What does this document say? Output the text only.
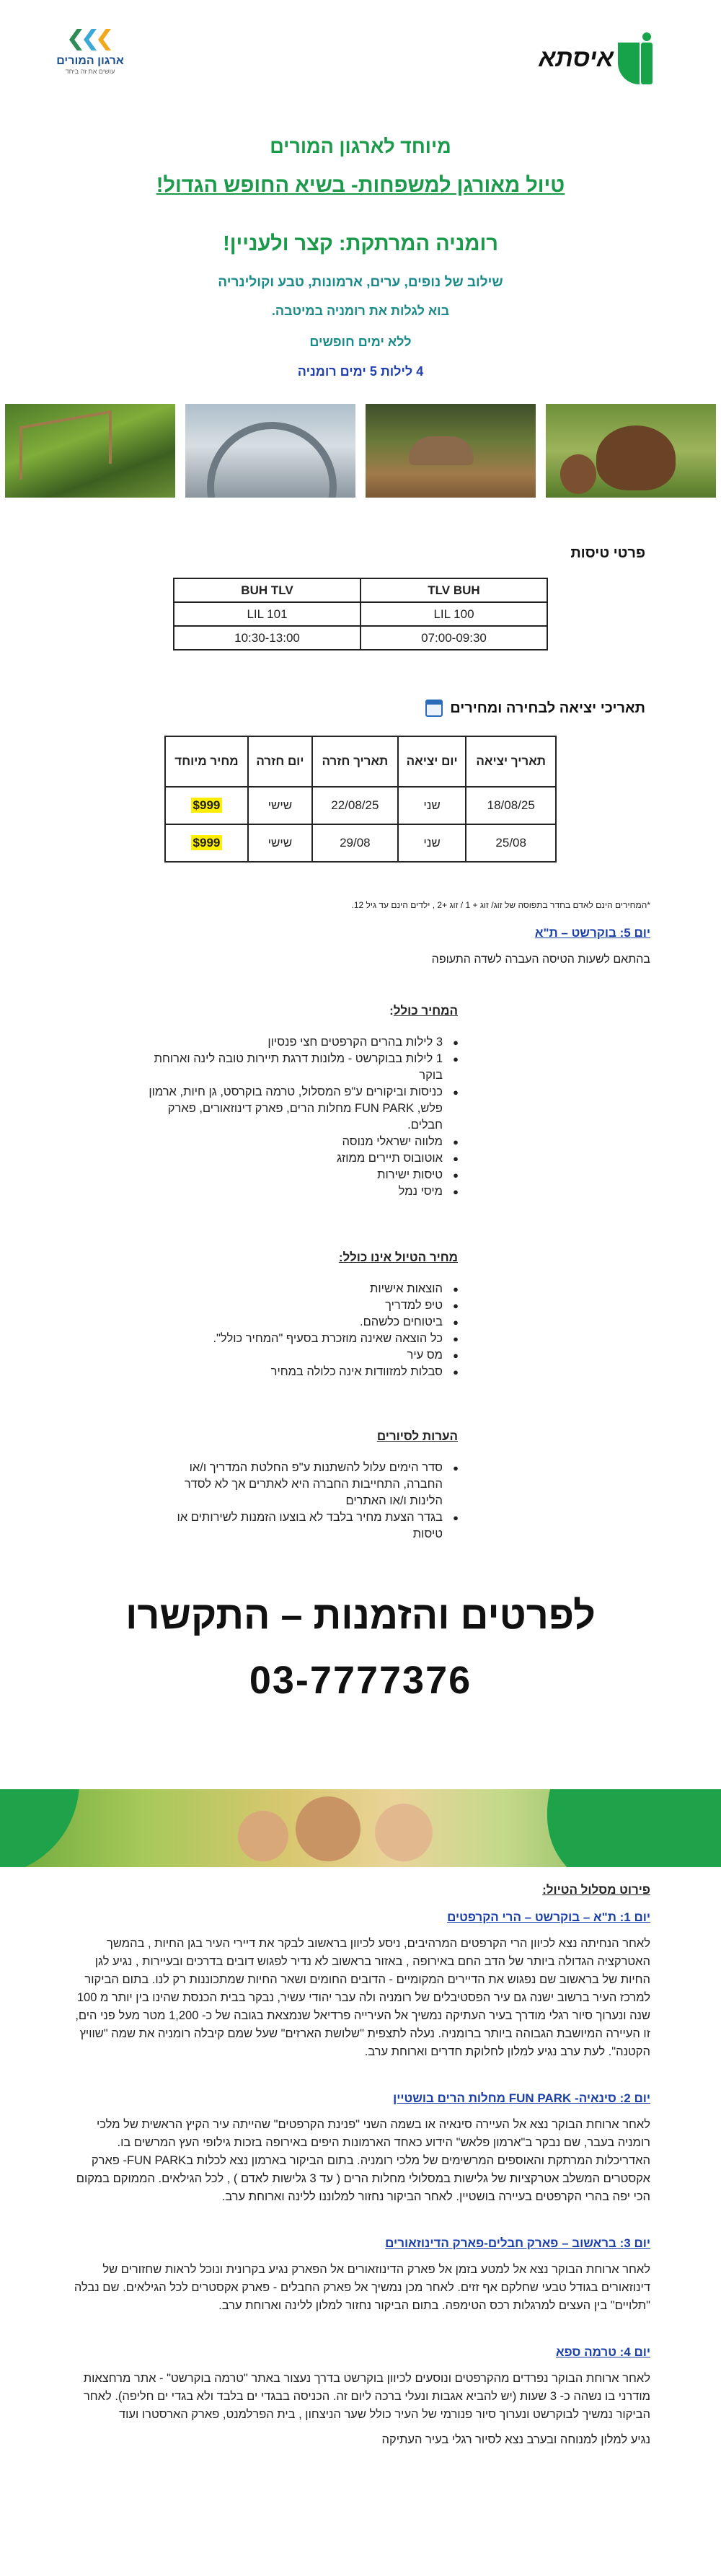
איסתא
ארגון המורים
עושים את זה ביחד
מיוחד לארגון המורים
טיול מאורגן למשפחות- בשיא החופש הגדול!
רומניה המרתקת: קצר ולעניין!
שילוב של נופים, ערים, ארמונות, טבע וקולינריה
בוא לגלות את רומניה במיטבה.
ללא ימים חופשים
4 לילות 5 ימים רומניה
פרטי טיסות
TLV BUH	BUH TLV
LIL 100	LIL 101
07:00-09:30	10:30-13:00
תאריכי יציאה לבחירה ומחירים
תאריך יציאה	יום יציאה	תאריך חזרה	יום חזרה	מחיר מיוחד
18/08/25	שני	22/08/25	שישי	$999
25/08	שני	29/08	שישי	$999
*המחירים הינם לאדם בחדר בתפוסה של זוג/ זוג + 1 / זוג +2 , ילדים הינם עד גיל 12.
יום 5: בוקרשט – ת"א
בהתאם לשעות הטיסה העברה לשדה התעופה
המחיר כולל:
● 3 לילות בהרים הקרפטים חצי פנסיון
● 1 לילות בבוקרשט - מלונות דרגת תיירות טובה לינה וארוחת בוקר
● כניסות וביקורים ע"פ המסלול, טרמה בוקרסט, גן חיות, ארמון פלש, FUN PARK מחלות הרים, פארק דינוזאורים, פארק חבלים.
● מלווה ישראלי מנוסה
● אוטובוס תיירים ממוזג
● טיסות ישירות
● מיסי נמל
מחיר הטיול אינו כולל:
● הוצאות אישיות
● טיפ למדריך
● ביטוחים כלשהם.
● כל הוצאה שאינה מוזכרת בסעיף "המחיר כולל".
● מס עיר
● סבלות למזוודות אינה כלולה במחיר
הערות לסיורים
● סדר הימים עלול להשתנות ע"פ החלטת המדריך ו/או החברה, התחייבות החברה היא לאתרים אך לא לסדר הלינות ו/או האתרים
● בגדר הצעת מחיר בלבד לא בוצעו הזמנות לשירותים או טיסות
לפרטים והזמנות – התקשרו
03-7777376
פירוט מסלול הטיול:
יום 1: ת"א – בוקרשט – הרי הקרפטים
לאחר הנחיתה נצא לכיוון הרי הקרפטים המרהיבים, ניסע לכיוון בראשוב לבקר את דיירי העיר בגן החיות , בהמשך האטרקציה הגדולה ביותר של הדב החם באירופה , באזור בראשוב לא נדיר לפגוש דובים בדרכים ובעיירות , נגיע לגן החיות של בראשוב שם נפגוש את הדיירים המקומיים - הדובים החומים ושאר החיות שמתכוננות רק לנו. בתום הביקור למרכז העיר ברשוב ישנה גם עיר הפסטיבלים של רומניה ולה עבר יהודי עשיר, נבקר בבית הכנסת שהינו בין יותר מ 100 שנה ונערוך סיור רגלי מודרך בעיר העתיקה נמשיך אל העירייה פרדיאל שנמצאת בגובה של כ- 1,200 מטר מעל פני הים, זו העיירה המיושבת הגבוהה ביותר ברומניה. נעלה לתצפית "שלושת הארזים" שעל שמם קיבלה רומניה את שמה "שוויץ הקטנה". לעת ערב נגיע למלון לחלוקת חדרים וארוחת ערב.
יום 2: סינאיה- FUN PARK מחלות הרים בושטיין
לאחר ארוחת הבוקר נצא אל העיירה סינאיה או בשמה השני "פנינת הקרפטים" שהייתה עיר הקיץ הראשית של מלכי רומניה בעבר, שם נבקר ב"ארמון פלאש" הידוע כאחד הארמונות היפים באירופה בזכות גילופי העץ המרשים בו. האדריכלות המרתקת והאוספים המרשימים של מלכי רומניה. בתום הביקור בארמון נצא לכלות בFUN PARK- פארק אקסטרים המשלב אטרקציות של גלישות במסלולי מחלות הרים ( עד 3 גלישות לאדם ) , לכל הגילאים. הממוקם במקום הכי יפה בהרי הקרפטים בעיירה בושטיין. לאחר הביקור נחזור למלוננו ללינה וארוחת ערב.
יום 3: בראשוב – פארק חבלים-פארק הדינוזאורים
לאחר ארוחת הבוקר נצא אל למטע בזמן אל פארק הדינוזאורים אל הפארק נגיע בקרונית ונוכל לראות שחזורים של דינוזאורים בגודל טבעי שחלקם אף זזים. לאחר מכן נמשיך אל פארק החבלים - פארק אקסטרים לכל הגילאים. שם נבלה "תלויים" בין העצים למרגלות רכס הטימפה. בתום הביקור נחזור למלון ללינה וארוחת ערב.
יום 4: טרמה ספא
לאחר ארוחת הבוקר נפרדים מהקרפטים ונוסעים לכיוון בוקרשט בדרך נעצור באתר "טרמה בוקרשט" - אתר מרחצאות מודרני בו נשהה כ- 3 שעות (יש להביא אגבות ונעלי ברכה ליום זה. הכניסה בבגדי ים בלבד ולא בגדי ים חליפה). לאחר הביקור נמשיך לבוקרשט ונערוך סיור פנורמי של העיר כולל שער הניצחון , בית הפרלמנט, פארק הארסטרו ועוד
נגיע למלון למנוחה ובערב נצא לסיור רגלי בעיר העתיקה
